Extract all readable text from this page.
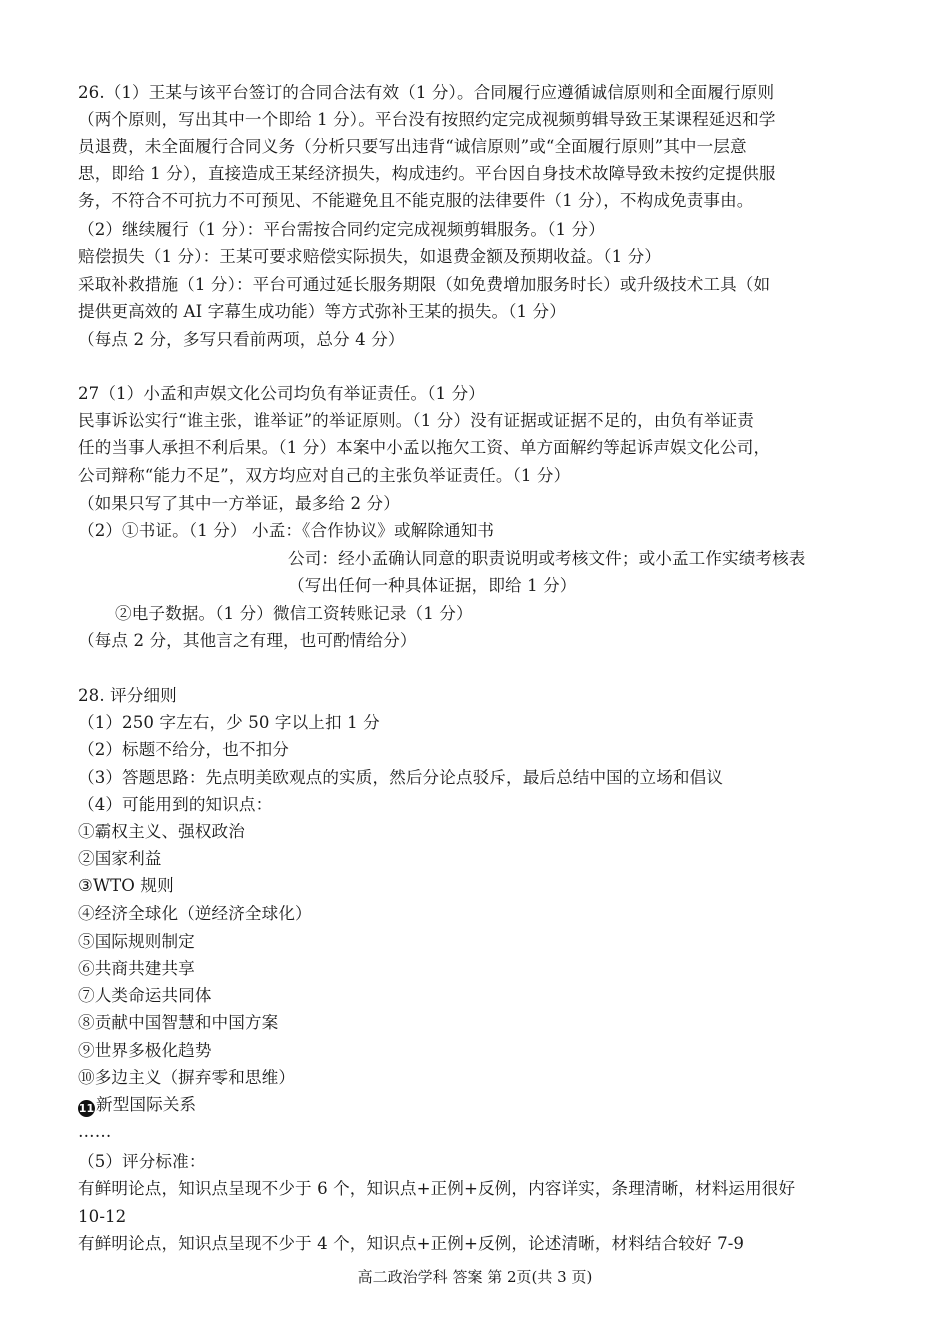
26.（1）王某与该平台签订的合同合法有效（1 分）。合同履行应遵循诚信原则和全面履行原则
（两个原则，写出其中一个即给 1 分）。平台没有按照约定完成视频剪辑导致王某课程延迟和学
员退费，未全面履行合同义务（分析只要写出违背“诚信原则”或“全面履行原则”其中一层意
思，即给 1 分），直接造成王某经济损失，构成违约。平台因自身技术故障导致未按约定提供服
务，不符合不可抗力不可预见、不能避免且不能克服的法律要件（1 分），不构成免责事由。
（2）继续履行（1 分）：平台需按合同约定完成视频剪辑服务。（1 分）
赔偿损失（1 分）：王某可要求赔偿实际损失，如退费金额及预期收益。（1 分）
采取补救措施（1 分）：平台可通过延长服务期限（如免费增加服务时长）或升级技术工具（如
提供更高效的 AI 字幕生成功能）等方式弥补王某的损失。（1 分）
（每点 2 分，多写只看前两项，总分 4 分）
27（1）小孟和声娱文化公司均负有举证责任。（1 分）
民事诉讼实行“谁主张，谁举证”的举证原则。（1 分）没有证据或证据不足的，由负有举证责
任的当事人承担不利后果。（1 分）本案中小孟以拖欠工资、单方面解约等起诉声娱文化公司，
公司辩称“能力不足”，双方均应对自己的主张负举证责任。（1 分）
（如果只写了其中一方举证，最多给 2 分）
（2）①书证。（1 分） 小孟：《合作协议》或解除通知书
公司：经小孟确认同意的职责说明或考核文件；或小孟工作实绩考核表
（写出任何一种具体证据，即给 1 分）
②电子数据。（1 分）微信工资转账记录（1 分）
（每点 2 分，其他言之有理，也可酌情给分）
28. 评分细则
（1）250 字左右，少 50 字以上扣 1 分
（2）标题不给分，也不扣分
（3）答题思路：先点明美欧观点的实质，然后分论点驳斥，最后总结中国的立场和倡议
（4）可能用到的知识点：
①霸权主义、强权政治
②国家利益
③WTO 规则
④经济全球化（逆经济全球化）
⑤国际规则制定
⑥共商共建共享
⑦人类命运共同体
⑧贡献中国智慧和中国方案
⑨世界多极化趋势
⑩多边主义（摒弃零和思维）
11 新型国际关系
……
（5）评分标准：
有鲜明论点，知识点呈现不少于 6 个，知识点+正例+反例，内容详实，条理清晰，材料运用很好
10-12
有鲜明论点，知识点呈现不少于 4 个，知识点+正例+反例，论述清晰，材料结合较好 7-9
高二政治学科 答案 第 2页(共 3 页)
